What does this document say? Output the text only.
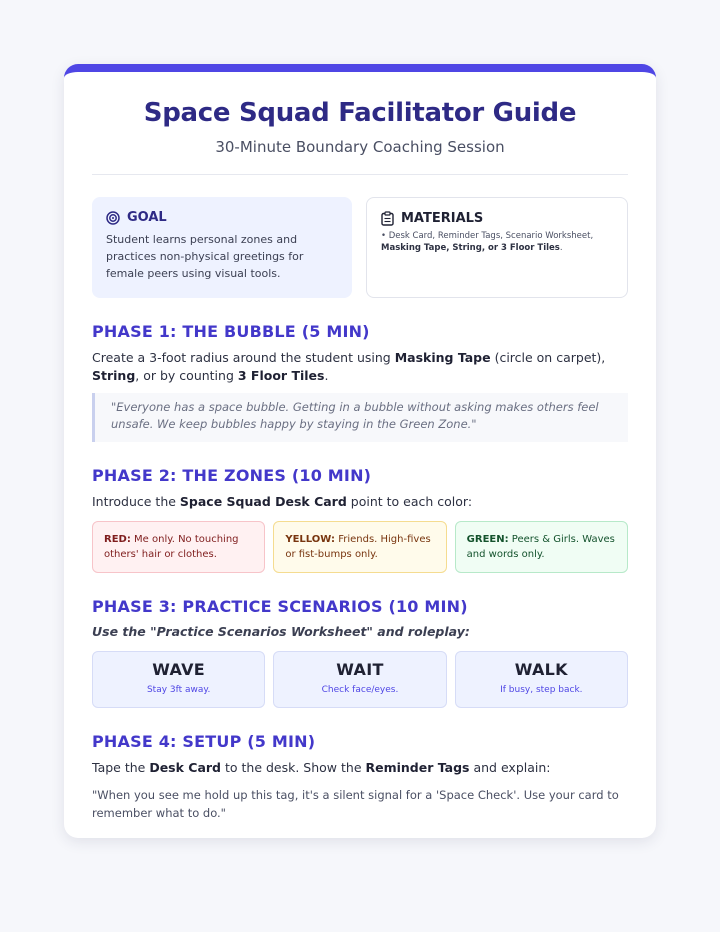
Space Squad Facilitator Guide
30-Minute Boundary Coaching Session
GOAL
Student learns personal zones and practices non-physical greetings for female peers using visual tools.
MATERIALS
• Desk Card, Reminder Tags, Scenario Worksheet,
Masking Tape, String, or 3 Floor Tiles.
PHASE 1: THE BUBBLE (5 MIN)

Create a 3-foot radius around the student using Masking Tape (circle on carpet), String, or by counting 3 Floor Tiles.

"Everyone has a space bubble. Getting in a bubble without asking makes others feel unsafe. We keep bubbles happy by staying in the Green Zone."
PHASE 2: THE ZONES (10 MIN)

Introduce the Space Squad Desk Card point to each color:

RED: Me only. No touching others' hair or clothes.
YELLOW: Friends. High-fives or fist-bumps only.
GREEN: Peers & Girls. Waves and words only.
PHASE 3: PRACTICE SCENARIOS (10 MIN)

Use the "Practice Scenarios Worksheet" and roleplay:

WAVE
Stay 3ft away.
WAIT
Check face/eyes.
WALK
If busy, step back.
PHASE 4: SETUP (5 MIN)

Tape the Desk Card to the desk. Show the Reminder Tags and explain:

"When you see me hold up this tag, it's a silent signal for a 'Space Check'. Use your card to remember what to do."
